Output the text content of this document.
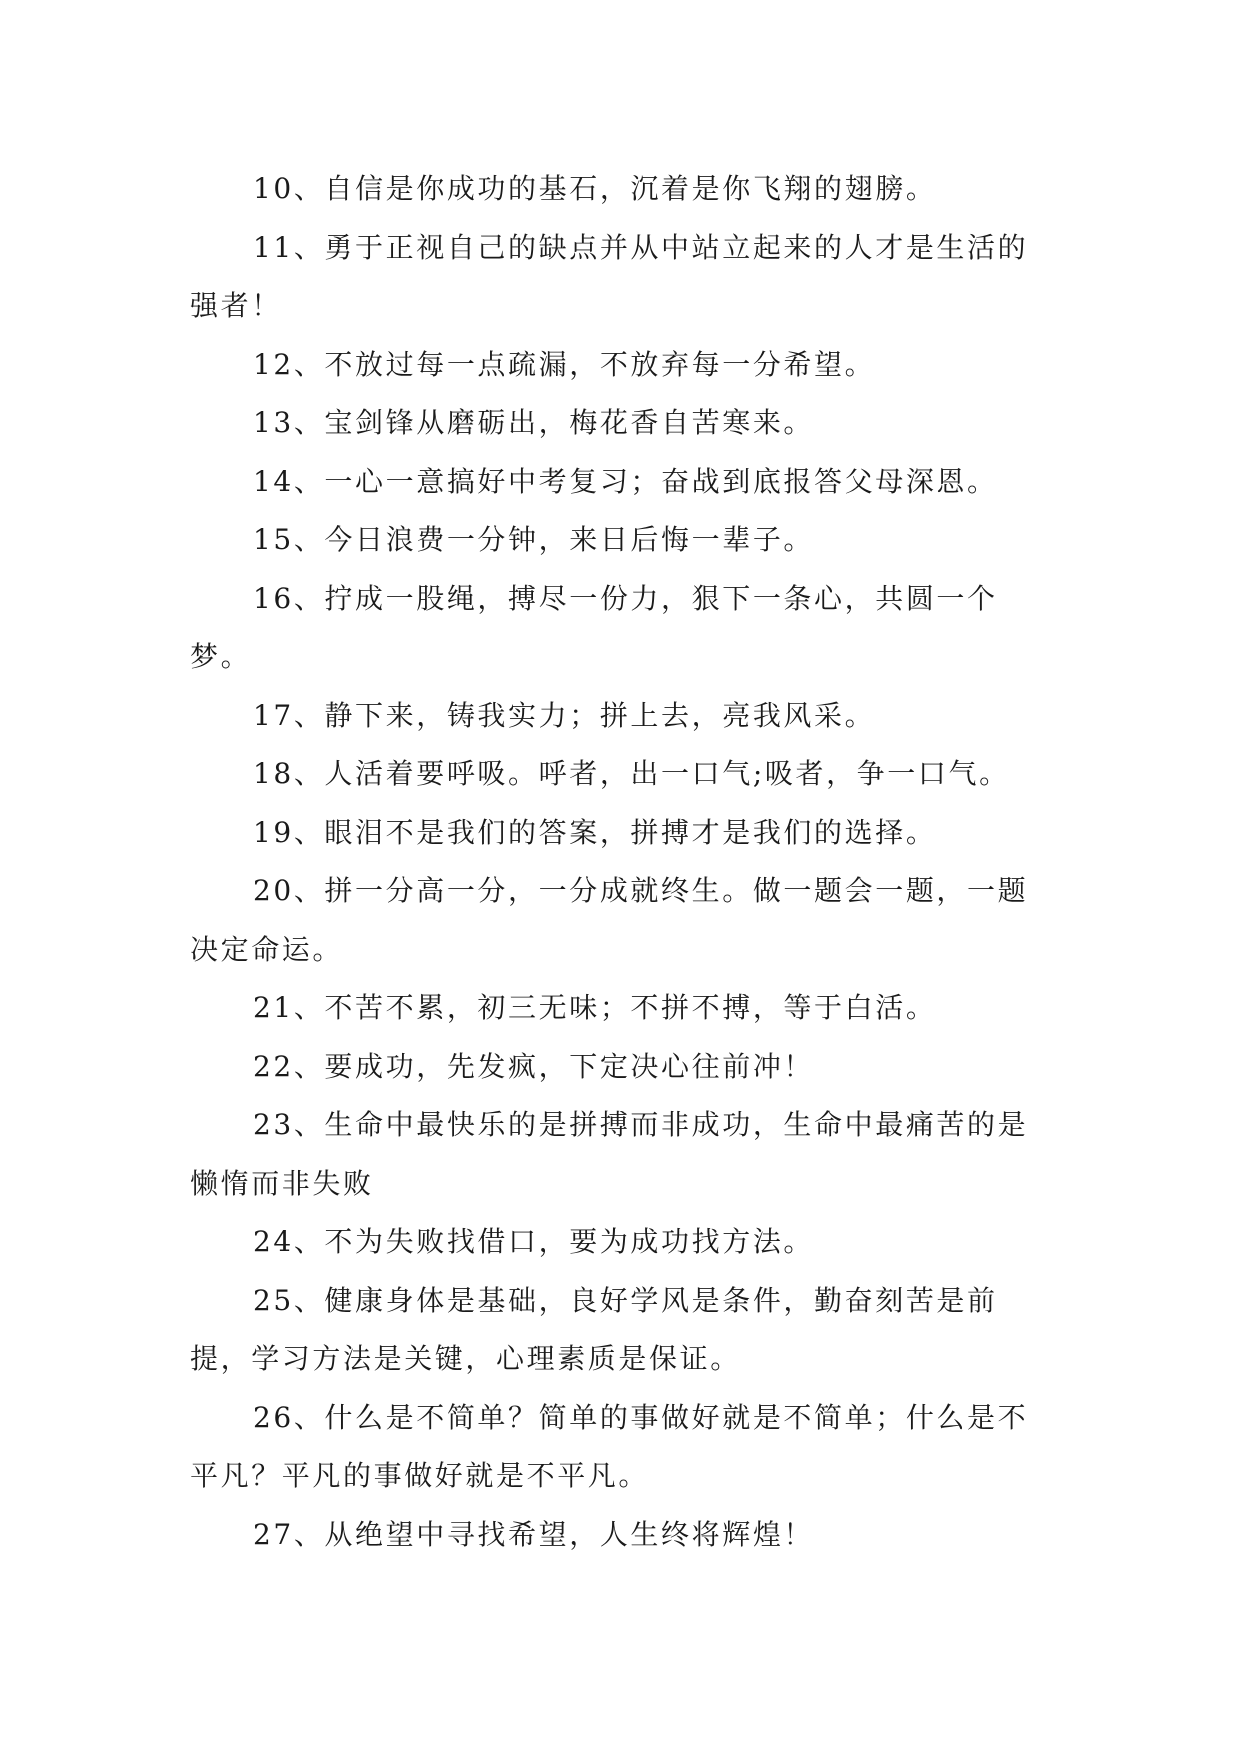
10、自信是你成功的基石，沉着是你飞翔的翅膀。

11、勇于正视自己的缺点并从中站立起来的人才是生活的强者！

12、不放过每一点疏漏，不放弃每一分希望。

13、宝剑锋从磨砺出，梅花香自苦寒来。

14、一心一意搞好中考复习；奋战到底报答父母深恩。

15、今日浪费一分钟，来日后悔一辈子。

16、拧成一股绳，搏尽一份力，狠下一条心，共圆一个梦。

17、静下来，铸我实力；拼上去，亮我风采。

18、人活着要呼吸。呼者，出一口气;吸者，争一口气。

19、眼泪不是我们的答案，拼搏才是我们的选择。

20、拼一分高一分，一分成就终生。做一题会一题，一题决定命运。

21、不苦不累，初三无味；不拼不搏，等于白活。

22、要成功，先发疯，下定决心往前冲！

23、生命中最快乐的是拼搏而非成功，生命中最痛苦的是懒惰而非失败

24、不为失败找借口，要为成功找方法。

25、健康身体是基础，良好学风是条件，勤奋刻苦是前提，学习方法是关键，心理素质是保证。

26、什么是不简单？简单的事做好就是不简单；什么是不平凡？平凡的事做好就是不平凡。

27、从绝望中寻找希望，人生终将辉煌！
